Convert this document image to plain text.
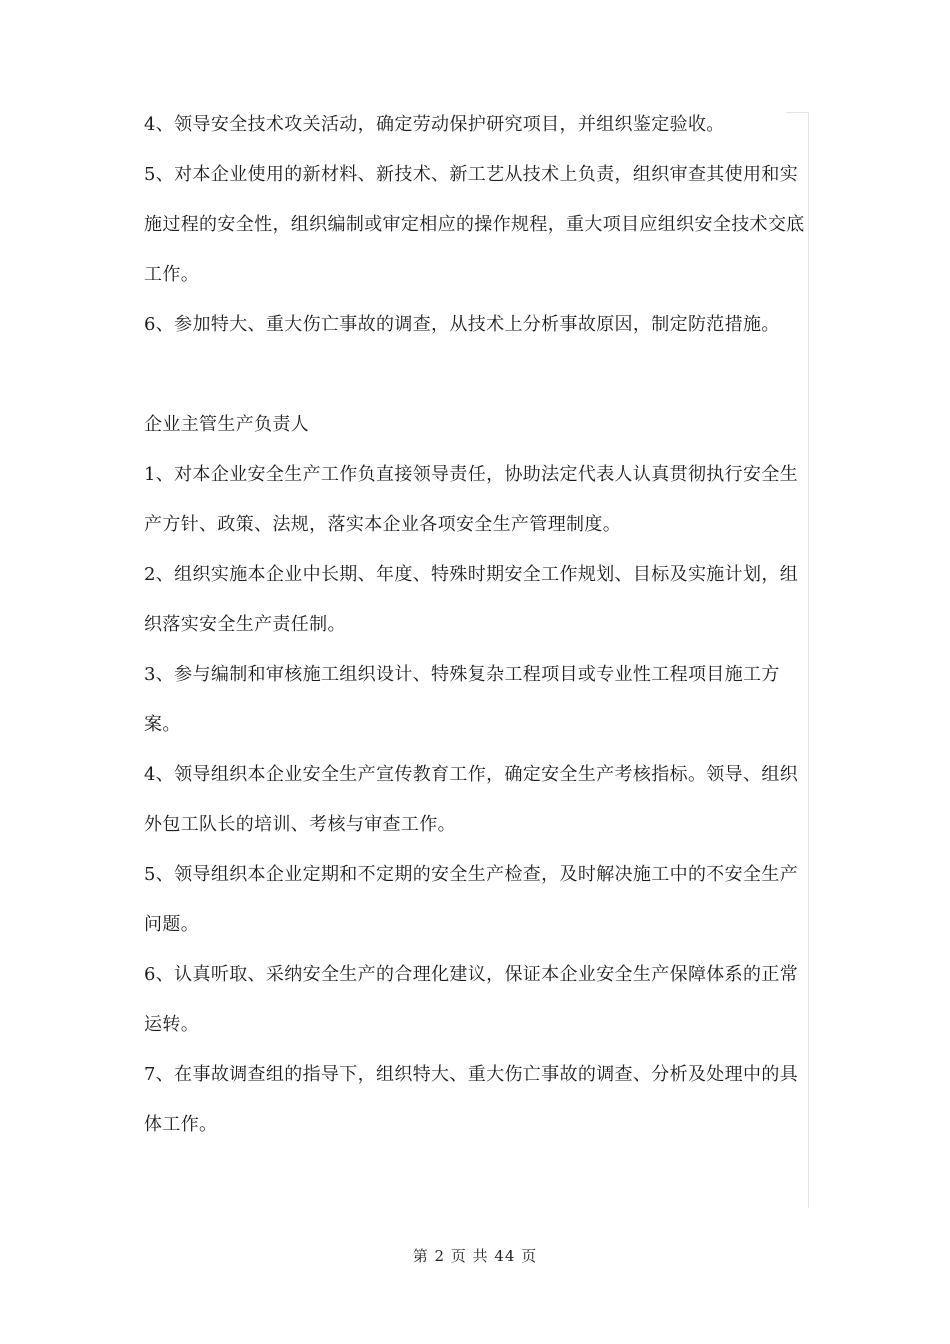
4、领导安全技术攻关活动，确定劳动保护研究项目，并组织鉴定验收。

5、对本企业使用的新材料、新技术、新工艺从技术上负责，组织审查其使用和实施过程的安全性，组织编制或审定相应的操作规程，重大项目应组织安全技术交底工作。

6、参加特大、重大伤亡事故的调查，从技术上分析事故原因，制定防范措施。

企业主管生产负责人

1、对本企业安全生产工作负直接领导责任，协助法定代表人认真贯彻执行安全生产方针、政策、法规，落实本企业各项安全生产管理制度。

2、组织实施本企业中长期、年度、特殊时期安全工作规划、目标及实施计划，组织落实安全生产责任制。

3、参与编制和审核施工组织设计、特殊复杂工程项目或专业性工程项目施工方案。

4、领导组织本企业安全生产宣传教育工作，确定安全生产考核指标。领导、组织外包工队长的培训、考核与审查工作。

5、领导组织本企业定期和不定期的安全生产检查，及时解决施工中的不安全生产问题。

6、认真听取、采纳安全生产的合理化建议，保证本企业安全生产保障体系的正常运转。

7、在事故调查组的指导下，组织特大、重大伤亡事故的调查、分析及处理中的具体工作。

第 2 页 共 44 页
